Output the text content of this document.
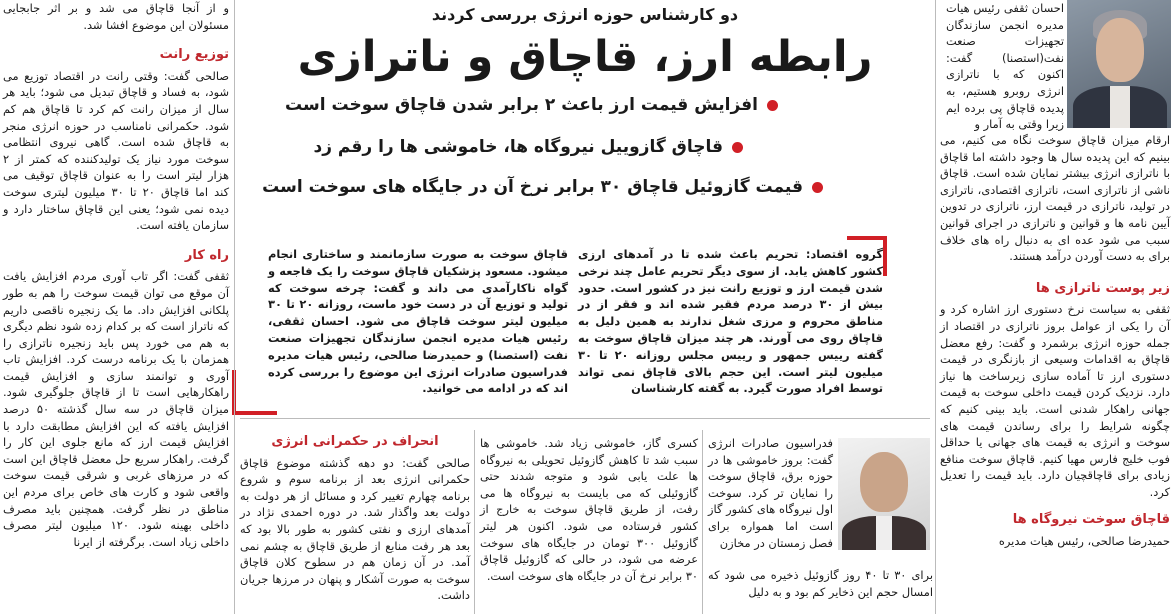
احسان ثقفی رئیس هیات مدیره انجمن سازندگان تجهیزات صنعت نفت(استصنا) گفت: اکنون که با ناترازی انرژی روبرو هستیم، به پدیده قاچاق پی برده ایم زیرا وقتی به آمار و

ارقام میزان قاچاق سوخت نگاه می کنیم، می بینیم که این پدیده سال ها وجود داشته اما قاچاق با ناترازی انرژی بیشتر نمایان شده است. قاچاق ناشی از ناترازی است، ناترازی اقتصادی، ناترازی در تولید، ناترازی در قیمت ارز، ناترازی در تدوین آیین نامه ها و قوانین و ناترازی در اجرای قوانین سبب می شود عده ای به دنبال راه های خلاف برای به دست آوردن درآمد هستند.

زیر پوست ناترازی ها

ثقفی به سیاست نرخ دستوری ارز اشاره کرد و آن را یکی از عوامل بروز ناترازی در اقتصاد از جمله حوزه انرژی برشمرد و گفت: رفع معضل قاچاق به اقدامات وسیعی از بازنگری در قیمت دستوری ارز تا آماده سازی زیرساخت ها نیاز دارد. نزدیک کردن قیمت داخلی سوخت به قیمت جهانی راهکار شدنی است. باید بینی کنیم که چگونه شرایط را برای رساندن قیمت های سوخت و انرژی به قیمت های جهانی یا حداقل فوب خلیج فارس مهیا کنیم. قاچاق سوخت منافع زیادی برای قاچاقچیان دارد. باید قیمت را تعدیل کرد.

قاچاق سوخت نیروگاه ها

حمیدرضا صالحی، رئیس هیات مدیره

دو کارشناس حوزه انرژی بررسی کردند
رابطه ارز، قاچاق و ناترازی
افزایش قیمت ارز باعث ۲ برابر شدن قاچاق سوخت است
قاچاق گازوییل نیروگاه ها، خاموشی ها را رقم زد
قیمت گازوئیل قاچاق ۳۰ برابر نرخ آن در جایگاه های سوخت است
گروه اقتصاد: تحریم باعث شده تا در آمدهای ارزی کشور کاهش یابد. از سوی دیگر تحریم عامل چند نرخی شدن قیمت ارز و توزیع رانت نیز در کشور است. حدود بیش از ۳۰ درصد مردم فقیر شده اند و فقر از در مناطق محروم و مرزی شغل ندارند به همین دلیل به قاچاق روی می آورند. هر چند میزان قاچاق سوخت به گفته رییس جمهور و رییس مجلس روزانه ۲۰ تا ۳۰ میلیون لیتر است. این حجم بالای قاچاق نمی تواند توسط افراد صورت گیرد. به گفته کارشناسان
قاچاق سوخت به صورت سازمانمند و ساختاری انجام میشود. مسعود پزشکیان قاچاق سوخت را یک فاجعه و گواه ناکارآمدی می داند و گفت: چرخه سوخت که تولید و توزیع آن در دست خود ماست، روزانه ۲۰ تا ۳۰ میلیون لیتر سوخت قاچاق می شود. احسان ثقفی، رئیس هیات مدیره انجمن سازندگان تجهیزات صنعت نفت (استصنا) و حمیدرضا صالحی، رئیس هیات مدیره فدراسیون صادرات انرژی این موضوع را بررسی کرده اند که در ادامه می خوانید.

فدراسیون صادرات انرژی گفت: بروز خاموشی ها در حوزه برق، قاچاق سوخت را نمایان تر کرد. سوخت اول نیروگاه های کشور گاز است اما همواره برای فصل زمستان در مخازن

برای ۳۰ تا ۴۰ روز گازوئیل ذخیره می شود که امسال حجم این ذخایر کم بود و به دلیل

کسری گاز، خاموشی زیاد شد. خاموشی ها سبب شد تا کاهش گازوئیل تحویلی به نیروگاه ها علت یابی شود و متوجه شدند حتی گازوئیلی که می بایست به نیروگاه ها می رفت، از طریق قاچاق سوخت به خارج از کشور فرستاده می شود. اکنون هر لیتر گازوئیل ۳۰۰ تومان در جایگاه های سوخت عرضه می شود، در حالی که گازوئیل قاچاق ۳۰ برابر نرخ آن در جایگاه های سوخت است.

انحراف در حکمرانی انرژی

صالحی گفت: دو دهه گذشته موضوع قاچاق حکمرانی انرژی بعد از برنامه سوم و شروع برنامه چهارم تغییر کرد و مسائل از هر دولت به دولت بعد واگذار شد. در دوره احمدی نژاد در آمدهای ارزی و نفتی کشور به طور بالا بود که بعد هر رفت منابع از طریق قاچاق به چشم نمی آمد. در آن زمان هم در سطوح کلان قاچاق سوخت به صورت آشکار و پنهان در مرزها جریان داشت.

و از آنجا قاچاق می شد و بر اثر جابجایی مسئولان این موضوع افشا شد.

توزیع رانت

صالحی گفت: وقتی رانت در اقتصاد توزیع می شود، به فساد و قاچاق تبدیل می شود؛ باید هر سال از میزان رانت کم کرد تا قاچاق هم کم شود. حکمرانی نامناسب در حوزه انرژی منجر به قاچاق شده است. گاهی نیروی انتظامی سوخت مورد نیاز یک تولیدکننده که کمتر از ۲ هزار لیتر است را به عنوان قاچاق توقیف می کند اما قاچاق ۲۰ تا ۳۰ میلیون لیتری سوخت دیده نمی شود؛ یعنی این قاچاق ساختار دارد و سازمان یافته است.

راه کار

ثقفی گفت: اگر تاب آوری مردم افزایش یافت آن موقع می توان قیمت سوخت را هم به طور پلکانی افزایش داد. ما یک زنجیره ناقصی داریم که ناتراز است که بر کدام زده شود نظم دیگری به هم می خورد پس باید زنجیره ناترازی را همزمان با یک برنامه درست کرد. افزایش تاب آوری و توانمند سازی و افزایش قیمت راهکارهایی است تا از قاچاق جلوگیری شود. میزان قاچاق در سه سال گذشته ۵۰ درصد افزایش یافته که این افزایش مطابقت دارد با افزایش قیمت ارز که مانع جلوی این کار را گرفت. راهکار سریع حل معضل قاچاق این است که در مرزهای غربی و شرقی قیمت سوخت واقعی شود و کارت های خاص برای مردم این مناطق در نظر گرفت. همچنین باید مصرف داخلی بهینه شود. ۱۲۰ میلیون لیتر مصرف داخلی زیاد است. برگرفته از ایرنا
